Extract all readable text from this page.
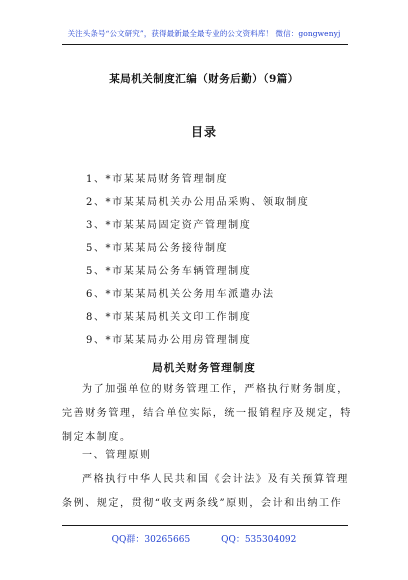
关注头条号“公文研究”，获得最新最全最专业的公文资料库！ 微信：gongwenyj
某局机关制度汇编（财务后勤）（9篇）
目录
1、*市某某局财务管理制度
2、*市某某局机关办公用品采购、领取制度
3、*市某某局固定资产管理制度
5、*市某某局公务接待制度
5、*市某某局公务车辆管理制度
6、*市某某局机关公务用车派遣办法
8、*市某某局机关文印工作制度
9、*市某某局办公用房管理制度
局机关财务管理制度
为了加强单位的财务管理工作，严格执行财务制度，
完善财务管理，结合单位实际，统一报销程序及规定，特
制定本制度。
一、管理原则
严格执行中华人民共和国《会计法》及有关预算管理
条例、规定，贯彻“收支两条线”原则，会计和出纳工作
QQ群：30265665	QQ：535304092
